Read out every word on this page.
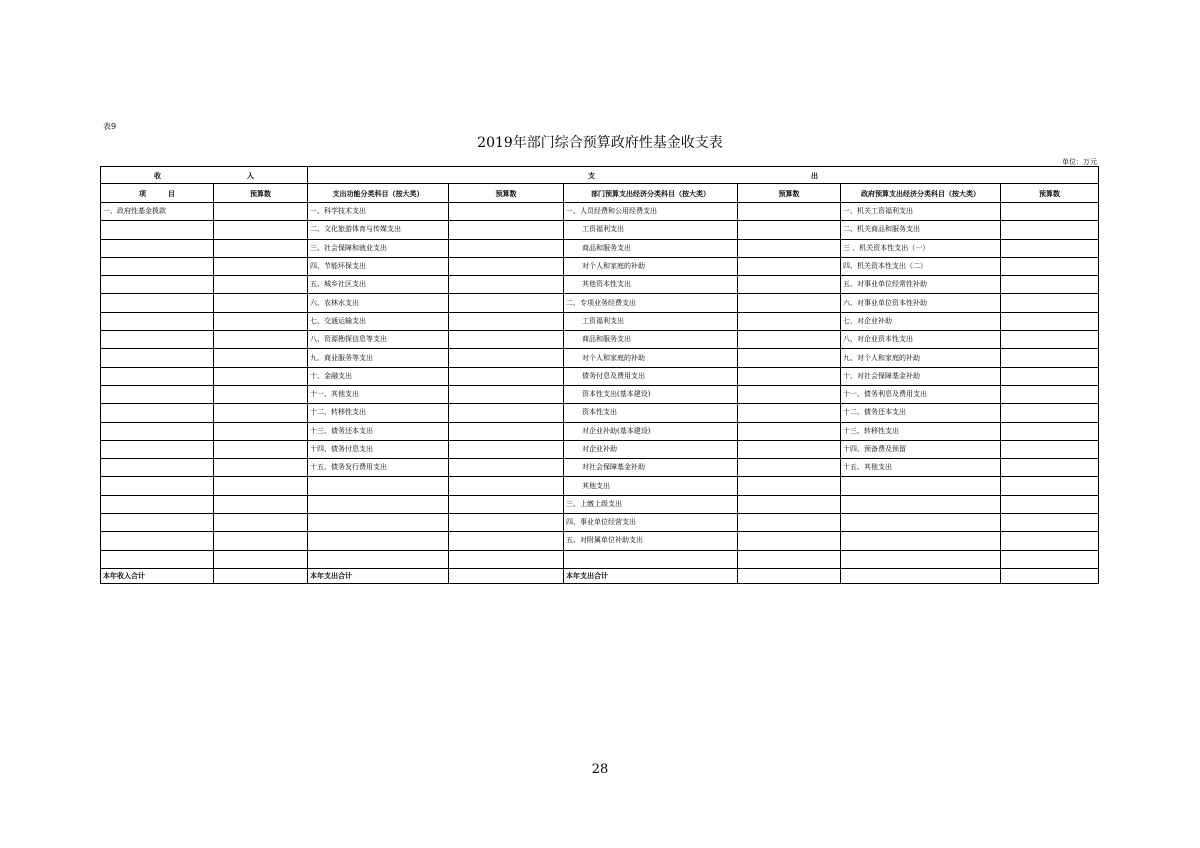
表9
2019年部门综合预算政府性基金收支表
单位：万元
收 入		支 出					
项 目	预算数	支出功能分类科目（按大类）	预算数	部门预算支出经济分类科目（按大类）	预算数	政府预算支出经济分类科目（按大类）	预算数
一、政府性基金拨款		一、科学技术支出		一、人员经费和公用经费支出		一、机关工资福利支出	
		二、文化旅游体育与传媒支出		工资福利支出		二、机关商品和服务支出	
		三、社会保障和就业支出		商品和服务支出		三 、机关资本性支出（一）	
		四、节能环保支出		对个人和家庭的补助		四、机关资本性支出（二）	
		五、城乡社区支出		其他资本性支出		五、对事业单位经常性补助	
		六、农林水支出		二、专项业务经费支出		六、对事业单位资本性补助	
		七、交通运输支出		工资福利支出		七、对企业补助	
		八、资源勘探信息等支出		商品和服务支出		八、对企业资本性支出	
		九、商业服务等支出		对个人和家庭的补助		九、对个人和家庭的补助	
		十、金融支出		债务付息及费用支出		十、对社会保障基金补助	
		十一、其他支出		资本性支出(基本建设)		十一、债务利息及费用支出	
		十二、转移性支出		资本性支出		十二、债务还本支出	
		十三、债务还本支出		对企业补助(基本建设)		十三、转移性支出	
		十四、债务付息支出		对企业补助		十四、预备费及预留	
		十五、债务发行费用支出		对社会保障基金补助		十五、其他支出	
				其他支出			
				三、上缴上级支出			
				四、事业单位经营支出			
				五、对附属单位补助支出			

本年收入合计		本年支出合计		本年支出合计			
28
